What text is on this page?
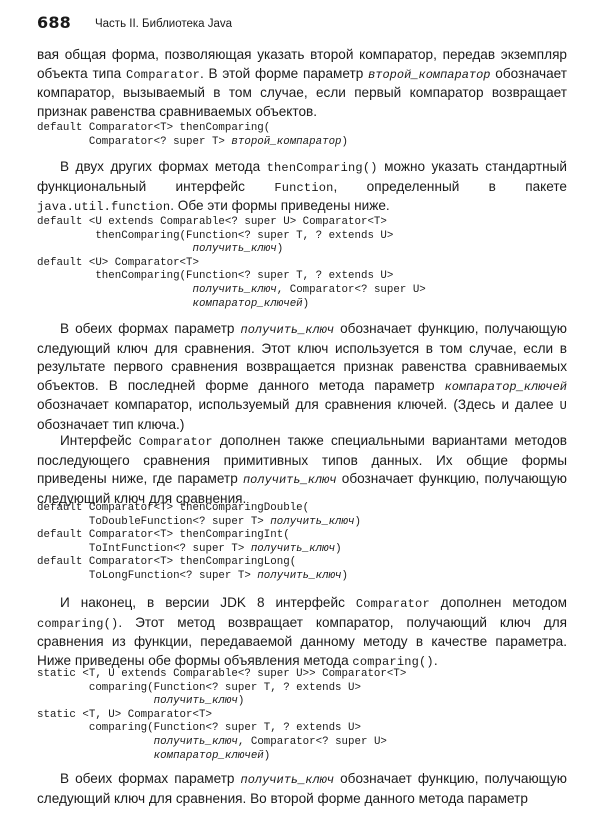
688 Часть II. Библиотека Java
вая общая форма, позволяющая указать второй компаратор, передав экземпляр объекта типа Comparator. В этой форме параметр второй_компаратор обозначает компаратор, вызываемый в том случае, если первый компаратор возвращает признак равенства сравниваемых объектов.
default Comparator<T> thenComparing(
Comparator<? super T> второй_компаратор)
В двух других формах метода thenComparing() можно указать стандартный функциональный интерфейс Function, определенный в пакете java.util.function. Обе эти формы приведены ниже.
default <U extends Comparable<? super U> Comparator<T>
thenComparing(Function<? super T, ? extends U>
получить_ключ)
default <U> Comparator<T>
thenComparing(Function<? super T, ? extends U>
получить_ключ, Comparator<? super U>
компаратор_ключей)
В обеих формах параметр получить_ключ обозначает функцию, получающую следующий ключ для сравнения. Этот ключ используется в том случае, если в результате первого сравнения возвращается признак равенства сравниваемых объектов. В последней форме данного метода параметр компаратор_ключей обозначает компаратор, используемый для сравнения ключей. (Здесь и далее U обозначает тип ключа.)
Интерфейс Comparator дополнен также специальными вариантами методов последующего сравнения примитивных типов данных. Их общие формы приведены ниже, где параметр получить_ключ обозначает функцию, получающую следующий ключ для сравнения.
default Comparator<T> thenComparingDouble(
ToDoubleFunction<? super T> получить_ключ)
default Comparator<T> thenComparingInt(
ToIntFunction<? super T> получить_ключ)
default Comparator<T> thenComparingLong(
ToLongFunction<? super T> получить_ключ)
И наконец, в версии JDK 8 интерфейс Comparator дополнен методом comparing(). Этот метод возвращает компаратор, получающий ключ для сравнения из функции, передаваемой данному методу в качестве параметра. Ниже приведены обе формы объявления метода comparing().
static <T, U extends Comparable<? super U>> Comparator<T>
comparing(Function<? super T, ? extends U>
получить_ключ)
static <T, U> Comparator<T>
comparing(Function<? super T, ? extends U>
получить_ключ, Comparator<? super U>
компаратор_ключей)
В обеих формах параметр получить_ключ обозначает функцию, получающую следующий ключ для сравнения. Во второй форме данного метода параметр
